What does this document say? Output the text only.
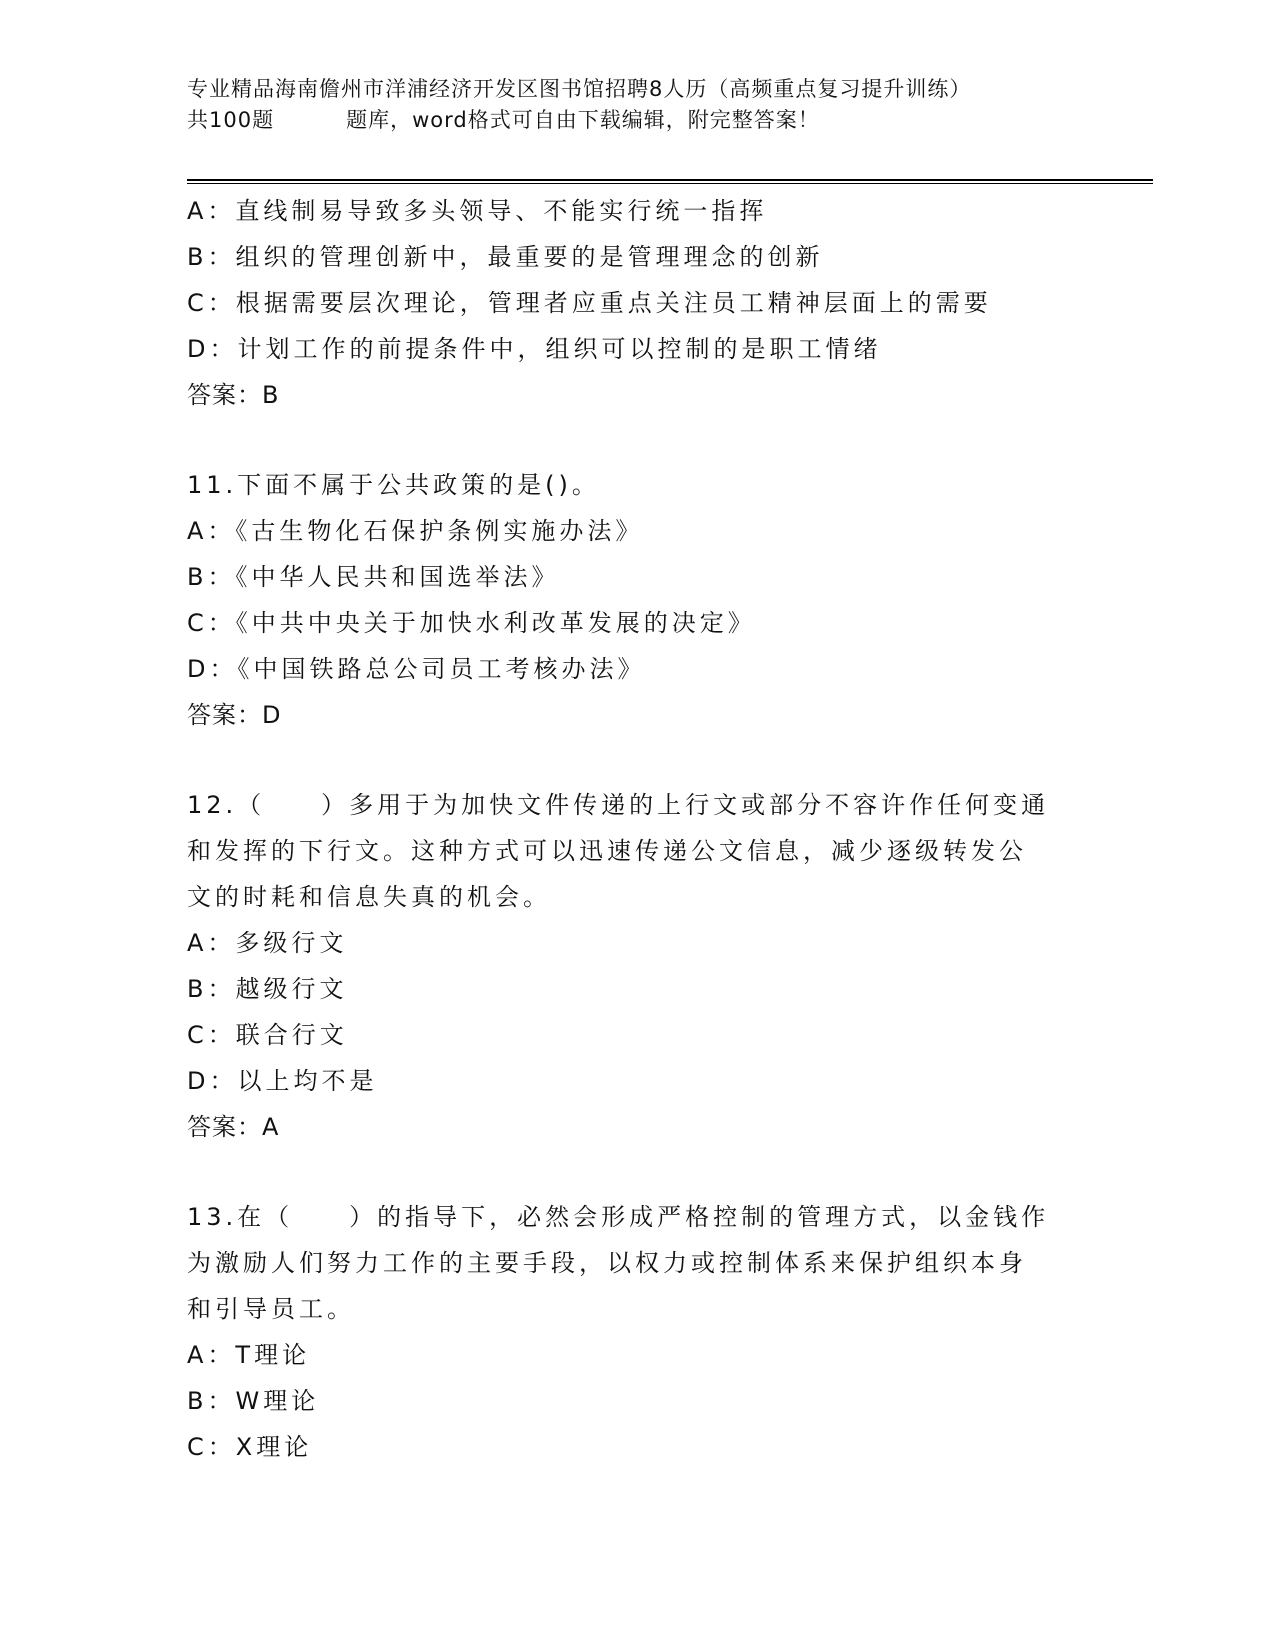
专业精品海南儋州市洋浦经济开发区图书馆招聘8人历（高频重点复习提升训练）
共100题	题库，word格式可自由下载编辑，附完整答案！
A：直线制易导致多头领导、不能实行统一指挥
B：组织的管理创新中，最重要的是管理理念的创新
C：根据需要层次理论，管理者应重点关注员工精神层面上的需要
D：计划工作的前提条件中，组织可以控制的是职工情绪
答案：B
11.下面不属于公共政策的是()。
A：《古生物化石保护条例实施办法》
B：《中华人民共和国选举法》
C：《中共中央关于加快水利改革发展的决定》
D：《中国铁路总公司员工考核办法》
答案：D
12.（　　）多用于为加快文件传递的上行文或部分不容许作任何变通
和发挥的下行文。这种方式可以迅速传递公文信息，减少逐级转发公
文的时耗和信息失真的机会。
A：多级行文
B：越级行文
C：联合行文
D：以上均不是
答案：A
13.在（　　）的指导下，必然会形成严格控制的管理方式，以金钱作
为激励人们努力工作的主要手段，以权力或控制体系来保护组织本身
和引导员工。
A：T理论
B：W理论
C：X理论
